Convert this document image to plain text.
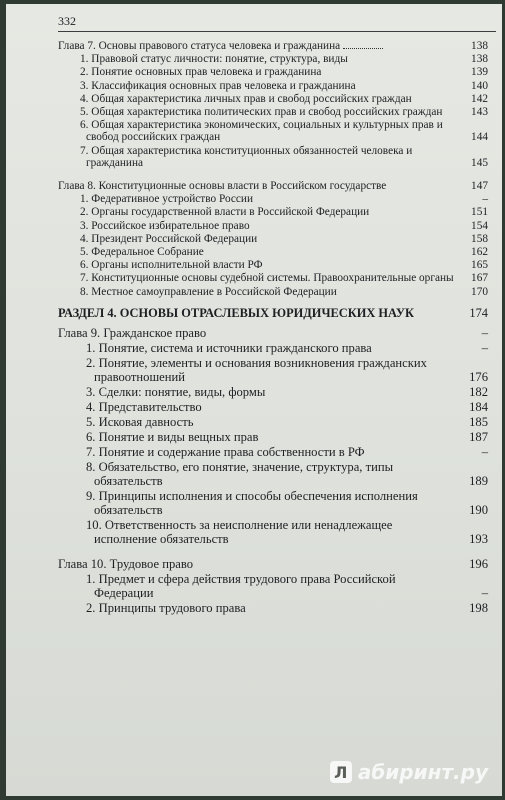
332
Глава 7. Основы правового статуса человека и гражданина	138
1. Правовой статус личности: понятие, структура, виды	138
2. Понятие основных прав человека и гражданина	139
3. Классификация основных прав человека и гражданина	140
4. Общая характеристика личных прав и свобод российских граждан	142
5. Общая характеристика политических прав и свобод российских граждан	143
6. Общая характеристика экономических, социальных и культурных прав и свобод российских граждан	144
7. Общая характеристика конституционных обязанностей человека и гражданина	145
Глава 8. Конституционные основы власти в Российском государстве	147
1. Федеративное устройство России	–
2. Органы государственной власти в Российской Федерации	151
3. Российское избирательное право	154
4. Президент Российской Федерации	158
5. Федеральное Собрание	162
6. Органы исполнительной власти РФ	165
7. Конституционные основы судебной системы. Правоохранительные органы 167
8. Местное самоуправление в Российской Федерации	170
РАЗДЕЛ 4. ОСНОВЫ ОТРАСЛЕВЫХ ЮРИДИЧЕСКИХ НАУК	174
Глава 9. Гражданское право	–
1. Понятие, система и источники гражданского права	–
2. Понятие, элементы и основания возникновения гражданских правоотношений	176
3. Сделки: понятие, виды, формы	182
4. Представительство	184
5. Исковая давность	185
6. Понятие и виды вещных прав	187
7. Понятие и содержание права собственности в РФ	–
8. Обязательство, его понятие, значение, структура, типы обязательств	189
9. Принципы исполнения и способы обеспечения исполнения обязательств	190
10. Ответственность за неисполнение или ненадлежащее исполнение обязательств	193
Глава 10. Трудовое право	196
1. Предмет и сфера действия трудового права Российской Федерации	–
2. Принципы трудового права	198
Л абиринт.ру
